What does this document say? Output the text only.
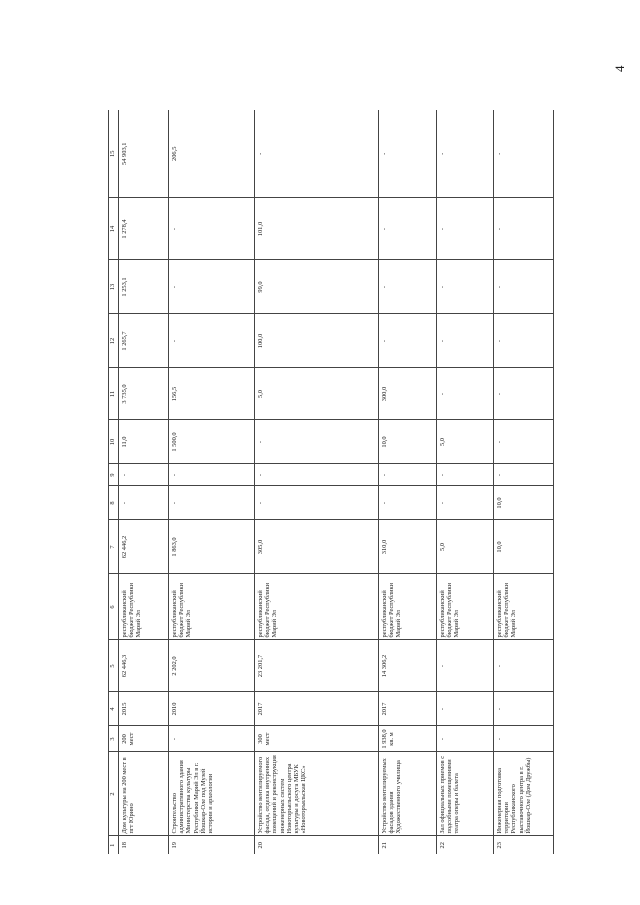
4
1	2	3	4	5	6	7	8	9	10	11	12	13	14	15
18	Дом культуры на 200 мест в пгт Юрино	200 мест	2015	62 446,3	республиканский бюджет Республики Марий Эл	62 446,2	-	-	11,0	3 735,0	1 265,7	1 253,1	1 278,4	54 903,1
19	Строительство административного здания Министерства культуры Республики Марий Эл в г. Йошкар-Оле под Музей истории и археологии	-	2010	2 202,0	республиканский бюджет Республики Марий Эл	1 863,0	-	-	1 500,0	156,5	-	-	-	206,5
20	Устройство вентилируемого фасада, отделка внутренних помещений и реконструкция инженерных систем Новоторъяльского центра культуры и досуга МБУК «Новоторъяльская ЦКС»	300 мест	2017	23 201,7	республиканский бюджет Республики Марий Эл	305,0	-	-	-	5,0	100,0	99,0	101,0	-
21	Устройство вентилируемых фасадов здания Художественного училища	1 938,0 кв. м	2017	14 306,2	республиканский бюджет Республики Марий Эл	310,0	-	-	10,0	300,0	-	-	-	-
22	Зал официальных приемов с подсобными помещениями театра оперы и балета	-	-	-	республиканский бюджет Республики Марий Эл	5,0	-	-	5,0	-	-	-	-	-
23	Инженерная подготовка территории Республиканского выставочного центра в г. Йошкар-Оле (Дом Дружбы)	-	-	-	республиканский бюджет Республики Марий Эл	10,0	10,0	-	-	-	-	-	-	-
